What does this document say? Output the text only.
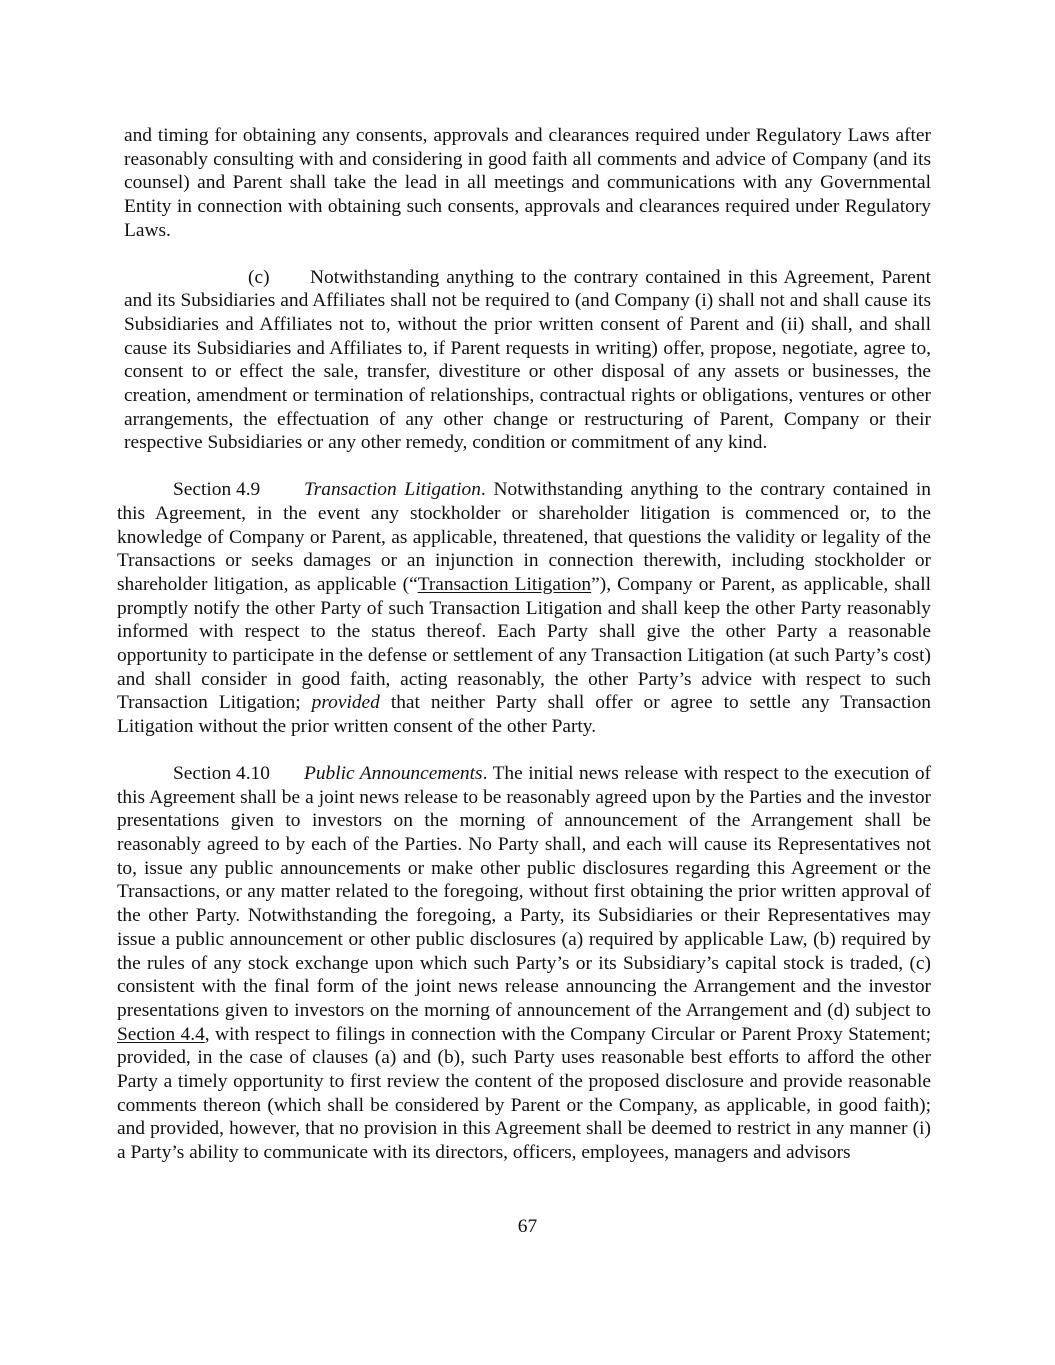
and timing for obtaining any consents, approvals and clearances required under Regulatory Laws after reasonably consulting with and considering in good faith all comments and advice of Company (and its counsel) and Parent shall take the lead in all meetings and communications with any Governmental Entity in connection with obtaining such consents, approvals and clearances required under Regulatory Laws.

(c) Notwithstanding anything to the contrary contained in this Agreement, Parent and its Subsidiaries and Affiliates shall not be required to (and Company (i) shall not and shall cause its Subsidiaries and Affiliates not to, without the prior written consent of Parent and (ii) shall, and shall cause its Subsidiaries and Affiliates to, if Parent requests in writing) offer, propose, negotiate, agree to, consent to or effect the sale, transfer, divestiture or other disposal of any assets or businesses, the creation, amendment or termination of relationships, contractual rights or obligations, ventures or other arrangements, the effectuation of any other change or restructuring of Parent, Company or their respective Subsidiaries or any other remedy, condition or commitment of any kind.

Section 4.9 Transaction Litigation. Notwithstanding anything to the contrary contained in this Agreement, in the event any stockholder or shareholder litigation is commenced or, to the knowledge of Company or Parent, as applicable, threatened, that questions the validity or legality of the Transactions or seeks damages or an injunction in connection therewith, including stockholder or shareholder litigation, as applicable (“Transaction Litigation”), Company or Parent, as applicable, shall promptly notify the other Party of such Transaction Litigation and shall keep the other Party reasonably informed with respect to the status thereof. Each Party shall give the other Party a reasonable opportunity to participate in the defense or settlement of any Transaction Litigation (at such Party’s cost) and shall consider in good faith, acting reasonably, the other Party’s advice with respect to such Transaction Litigation; provided that neither Party shall offer or agree to settle any Transaction Litigation without the prior written consent of the other Party.

Section 4.10 Public Announcements. The initial news release with respect to the execution of this Agreement shall be a joint news release to be reasonably agreed upon by the Parties and the investor presentations given to investors on the morning of announcement of the Arrangement shall be reasonably agreed to by each of the Parties. No Party shall, and each will cause its Representatives not to, issue any public announcements or make other public disclosures regarding this Agreement or the Transactions, or any matter related to the foregoing, without first obtaining the prior written approval of the other Party. Notwithstanding the foregoing, a Party, its Subsidiaries or their Representatives may issue a public announcement or other public disclosures (a) required by applicable Law, (b) required by the rules of any stock exchange upon which such Party’s or its Subsidiary’s capital stock is traded, (c) consistent with the final form of the joint news release announcing the Arrangement and the investor presentations given to investors on the morning of announcement of the Arrangement and (d) subject to Section 4.4, with respect to filings in connection with the Company Circular or Parent Proxy Statement; provided, in the case of clauses (a) and (b), such Party uses reasonable best efforts to afford the other Party a timely opportunity to first review the content of the proposed disclosure and provide reasonable comments thereon (which shall be considered by Parent or the Company, as applicable, in good faith); and provided, however, that no provision in this Agreement shall be deemed to restrict in any manner (i) a Party’s ability to communicate with its directors, officers, employees, managers and advisors

67
